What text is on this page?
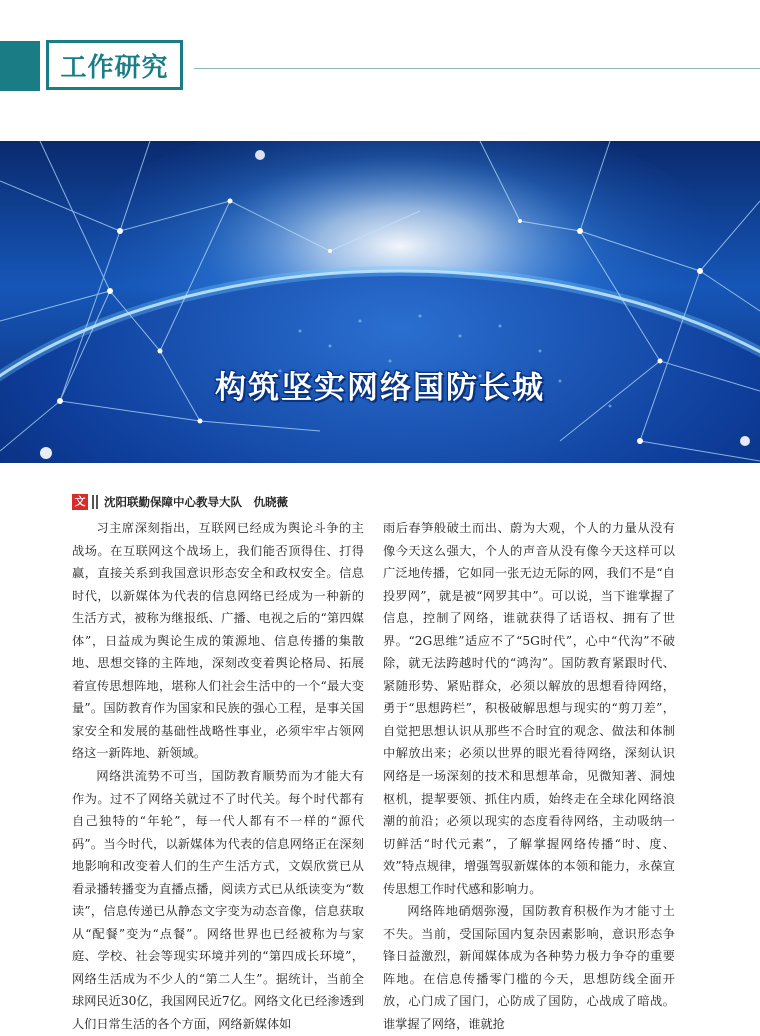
工作研究
构筑坚实网络国防长城
文 沈阳联勤保障中心教导大队　仇晓薇

习主席深刻指出，互联网已经成为舆论斗争的主战场。在互联网这个战场上，我们能否顶得住、打得赢，直接关系到我国意识形态安全和政权安全。信息时代，以新媒体为代表的信息网络已经成为一种新的生活方式，被称为继报纸、广播、电视之后的“第四媒体”，日益成为舆论生成的策源地、信息传播的集散地、思想交锋的主阵地，深刻改变着舆论格局、拓展着宣传思想阵地，堪称人们社会生活中的一个“最大变量”。国防教育作为国家和民族的强心工程，是事关国家安全和发展的基础性战略性事业，必须牢牢占领网络这一新阵地、新领域。

网络洪流势不可当，国防教育顺势而为才能大有作为。过不了网络关就过不了时代关。每个时代都有自己独特的“年轮”，每一代人都有不一样的“源代码”。当今时代，以新媒体为代表的信息网络正在深刻地影响和改变着人们的生产生活方式，文娱欣赏已从看录播转播变为直播点播，阅读方式已从纸读变为“数读”，信息传递已从静态文字变为动态音像，信息获取从“配餐”变为“点餐”。网络世界也已经被称为与家庭、学校、社会等现实环境并列的“第四成长环境”，网络生活成为不少人的“第二人生”。据统计，当前全球网民近30亿，我国网民近7亿。网络文化已经渗透到人们日常生活的各个方面，网络新媒体如

雨后春笋般破土而出、蔚为大观，个人的力量从没有像今天这么强大，个人的声音从没有像今天这样可以广泛地传播，它如同一张无边无际的网，我们不是“自投罗网”，就是被“网罗其中”。可以说，当下谁掌握了信息，控制了网络，谁就获得了话语权、拥有了世界。“2G思维”适应不了“5G时代”，心中“代沟”不破除，就无法跨越时代的“鸿沟”。国防教育紧跟时代、紧随形势、紧贴群众，必须以解放的思想看待网络，勇于“思想跨栏”，积极破解思想与现实的“剪刀差”，自觉把思想认识从那些不合时宜的观念、做法和体制中解放出来；必须以世界的眼光看待网络，深刻认识网络是一场深刻的技术和思想革命，见微知著、洞烛枢机，提挈要领、抓住内质，始终走在全球化网络浪潮的前沿；必须以现实的态度看待网络，主动吸纳一切鲜活“时代元素”，了解掌握网络传播“时、度、效”特点规律，增强驾驭新媒体的本领和能力，永葆宣传思想工作时代感和影响力。

网络阵地硝烟弥漫，国防教育积极作为才能寸土不失。当前，受国际国内复杂因素影响，意识形态争锋日益激烈，新闻媒体成为各种势力极力争夺的重要阵地。在信息传播零门槛的今天，思想防线全面开放，心门成了国门，心防成了国防，心战成了暗战。谁掌握了网络，谁就抢
